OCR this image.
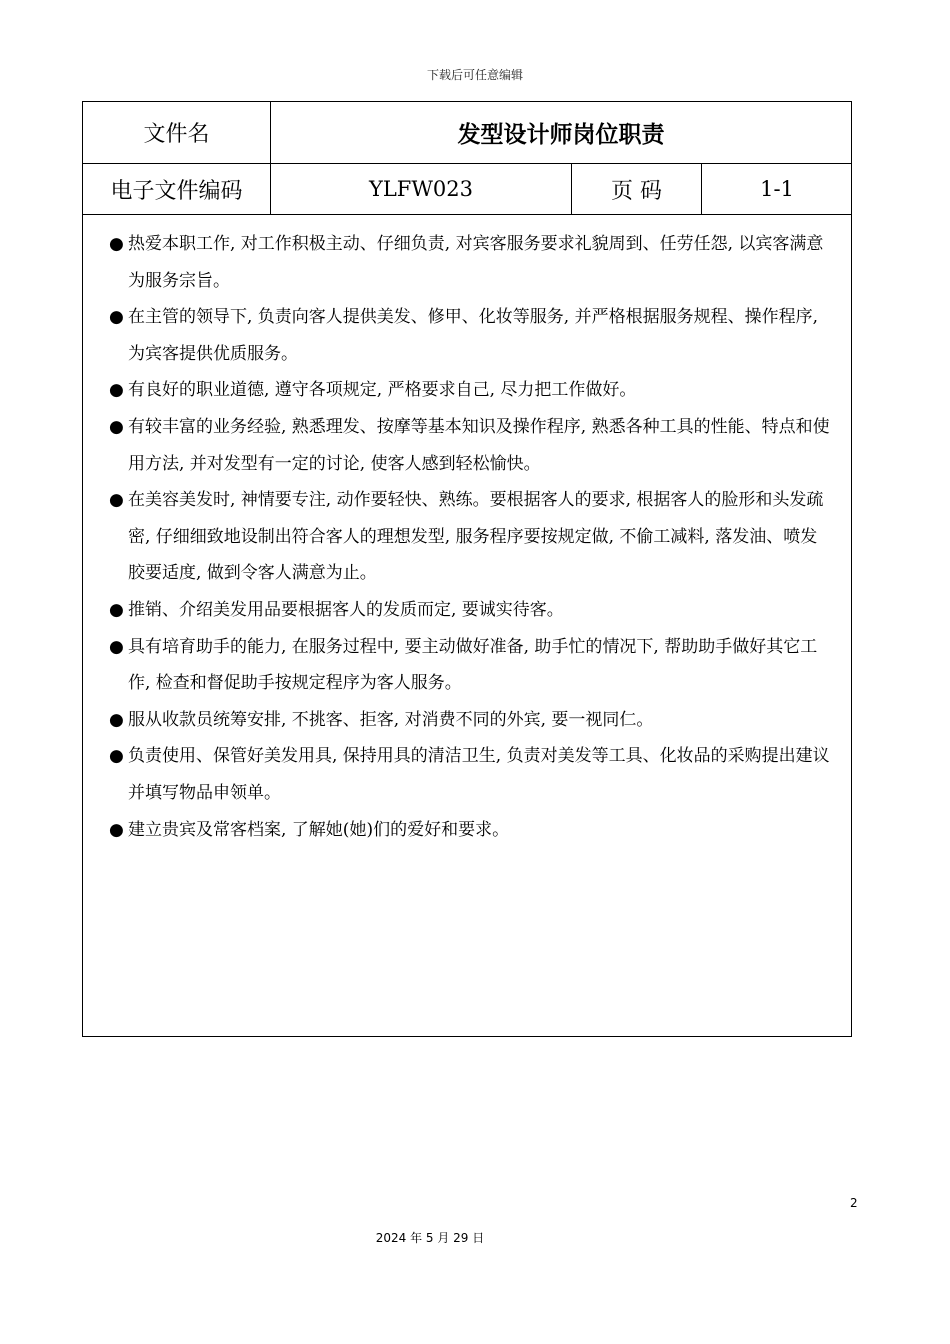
下载后可任意编辑
文件名	发型设计师岗位职责
电子文件编码	YLFW023	页 码	1-1
● 热爱本职工作, 对工作积极主动、仔细负责, 对宾客服务要求礼貌周到、任劳任怨, 以宾客满意为服务宗旨。
● 在主管的领导下, 负责向客人提供美发、修甲、化妆等服务, 并严格根据服务规程、操作程序, 为宾客提供优质服务。
● 有良好的职业道德, 遵守各项规定, 严格要求自己, 尽力把工作做好。
● 有较丰富的业务经验, 熟悉理发、按摩等基本知识及操作程序, 熟悉各种工具的性能、特点和使用方法, 并对发型有一定的讨论, 使客人感到轻松愉快。
● 在美容美发时, 神情要专注, 动作要轻快、熟练。要根据客人的要求, 根据客人的脸形和头发疏密, 仔细细致地设制出符合客人的理想发型, 服务程序要按规定做, 不偷工减料, 落发油、喷发胶要适度, 做到令客人满意为止。
● 推销、介绍美发用品要根据客人的发质而定, 要诚实待客。
● 具有培育助手的能力, 在服务过程中, 要主动做好准备, 助手忙的情况下, 帮助助手做好其它工作, 检查和督促助手按规定程序为客人服务。
● 服从收款员统筹安排, 不挑客、拒客, 对消费不同的外宾, 要一视同仁。
● 负责使用、保管好美发用具, 保持用具的清洁卫生, 负责对美发等工具、化妆品的采购提出建议并填写物品申领单。
● 建立贵宾及常客档案, 了解她(她)们的爱好和要求。
2
2024 年 5 月 29 日
